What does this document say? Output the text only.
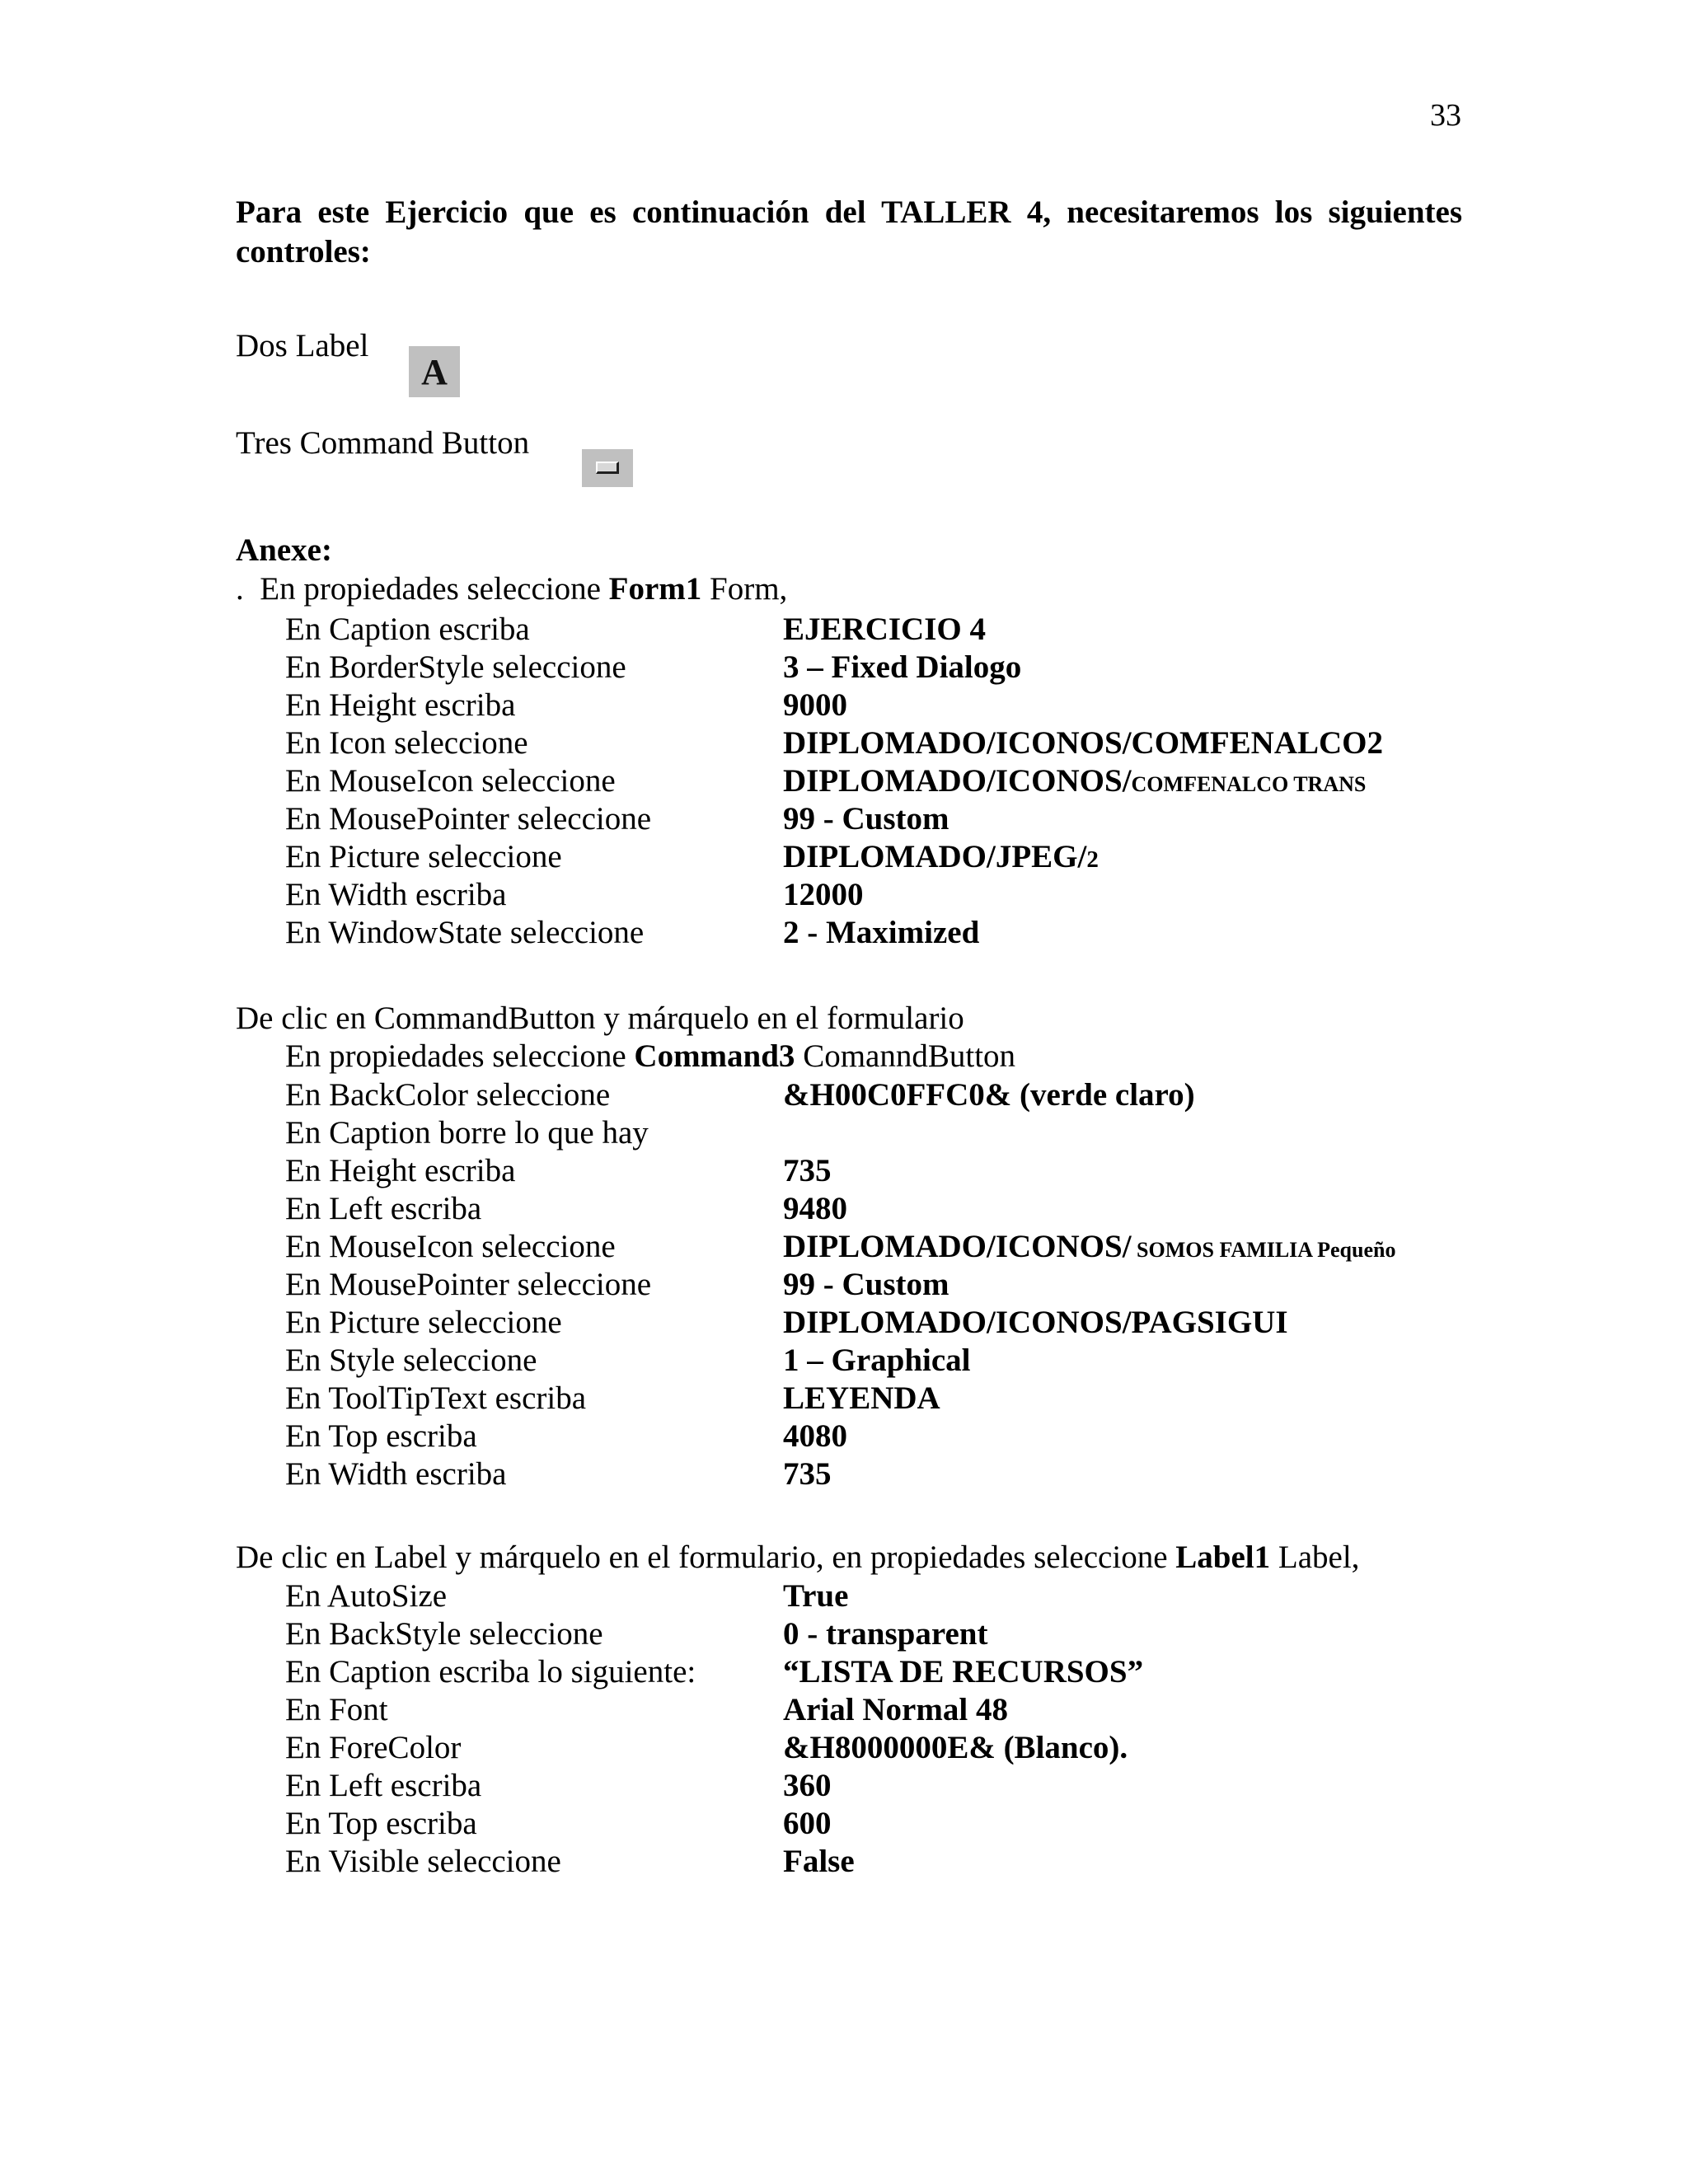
33
Para este Ejercicio que es continuación del TALLER 4, necesitaremos los siguientes controles:
Dos Label
A
Tres Command Button
Anexe:
.  En propiedades seleccione Form1 Form,
En Caption escriba	EJERCICIO 4
En BorderStyle seleccione	3 – Fixed Dialogo
En Height escriba	9000
En Icon seleccione	DIPLOMADO/ICONOS/COMFENALCO2
En MouseIcon seleccione	DIPLOMADO/ICONOS/COMFENALCO TRANS
En MousePointer seleccione	99 - Custom
En Picture seleccione	DIPLOMADO/JPEG/2
En Width escriba	12000
En WindowState seleccione	2 - Maximized
De clic en CommandButton y márquelo en el formulario
En propiedades seleccione Command3 ComanndButton
En BackColor seleccione	&H00C0FFC0& (verde claro)
En Caption borre lo que hay
En Height escriba	735
En Left escriba	9480
En MouseIcon seleccione	DIPLOMADO/ICONOS/ SOMOS FAMILIA Pequeño
En MousePointer seleccione	99 - Custom
En Picture seleccione	DIPLOMADO/ICONOS/PAGSIGUI
En Style seleccione	1 – Graphical
En ToolTipText escriba	LEYENDA
En Top escriba	4080
En Width escriba	735
De clic en Label y márquelo en el formulario, en propiedades seleccione Label1 Label,
En AutoSize	True
En BackStyle seleccione	0 - transparent
En Caption escriba lo siguiente:	“LISTA DE RECURSOS”
En Font	Arial Normal 48
En ForeColor	&H8000000E& (Blanco).
En Left escriba	360
En Top escriba	600
En Visible seleccione	False
